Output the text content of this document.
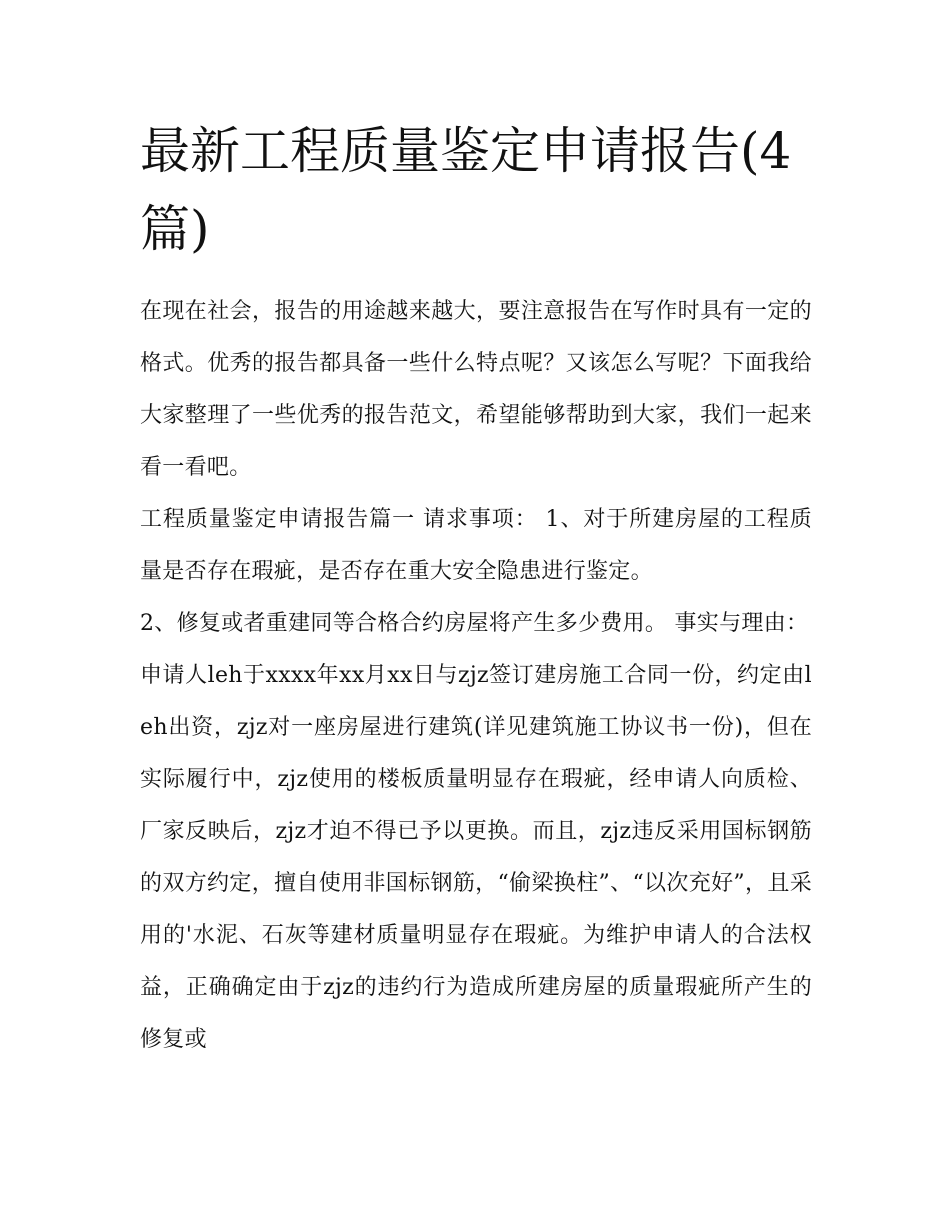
最新工程质量鉴定申请报告(4篇)

在现在社会，报告的用途越来越大，要注意报告在写作时具有一定的格式。优秀的报告都具备一些什么特点呢？又该怎么写呢？下面我给大家整理了一些优秀的报告范文，希望能够帮助到大家，我们一起来看一看吧。

工程质量鉴定申请报告篇一 请求事项： 1、对于所建房屋的工程质量是否存在瑕疵，是否存在重大安全隐患进行鉴定。

2、修复或者重建同等合格合约房屋将产生多少费用。 事实与理由：

申请人leh于xxxx年xx月xx日与zjz签订建房施工合同一份，约定由leh出资，zjz对一座房屋进行建筑(详见建筑施工协议书一份)，但在实际履行中，zjz使用的楼板质量明显存在瑕疵，经申请人向质检、厂家反映后，zjz才迫不得已予以更换。而且，zjz违反采用国标钢筋的双方约定，擅自使用非国标钢筋，“偷梁换柱”、“以次充好”，且采用的'水泥、石灰等建材质量明显存在瑕疵。为维护申请人的合法权益，正确确定由于zjz的违约行为造成所建房屋的质量瑕疵所产生的修复或
